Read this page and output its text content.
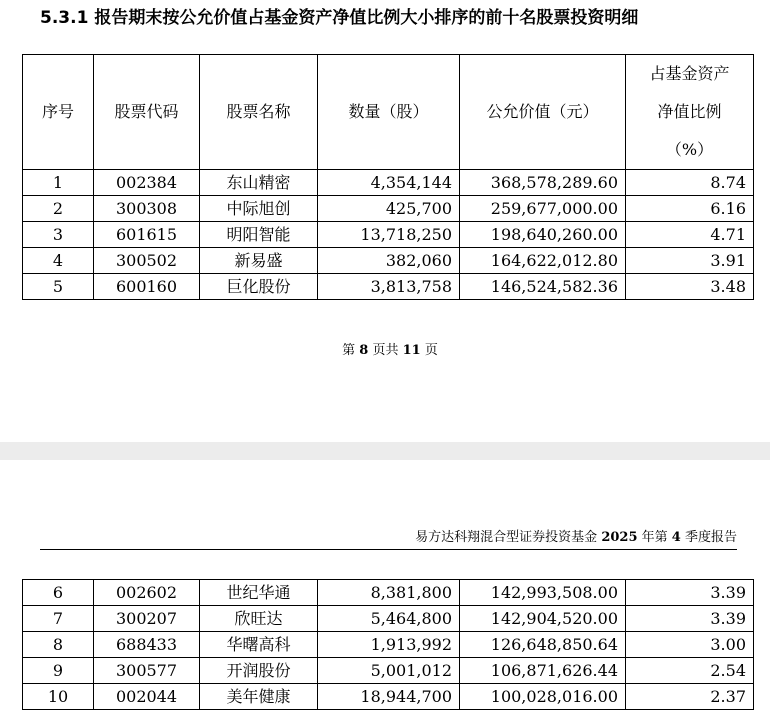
5.3.1 报告期末按公允价值占基金资产净值比例大小排序的前十名股票投资明细

序号	股票代码	股票名称	数量（股）	公允价值（元）	占基金资产
净值比例
（%）

1	002384	东山精密	4,354,144	368,578,289.60	8.74
2	300308	中际旭创	425,700	259,677,000.00	6.16
3	601615	明阳智能	13,718,250	198,640,260.00	4.71
4	300502	新易盛	382,060	164,622,012.80	3.91
5	600160	巨化股份	3,813,758	146,524,582.36	3.48
第 8 页共 11 页
易方达科翔混合型证券投资基金 2025 年第 4 季度报告
6	002602	世纪华通	8,381,800	142,993,508.00	3.39
7	300207	欣旺达	5,464,800	142,904,520.00	3.39
8	688433	华曙高科	1,913,992	126,648,850.64	3.00
9	300577	开润股份	5,001,012	106,871,626.44	2.54
10	002044	美年健康	18,944,700	100,028,016.00	2.37
